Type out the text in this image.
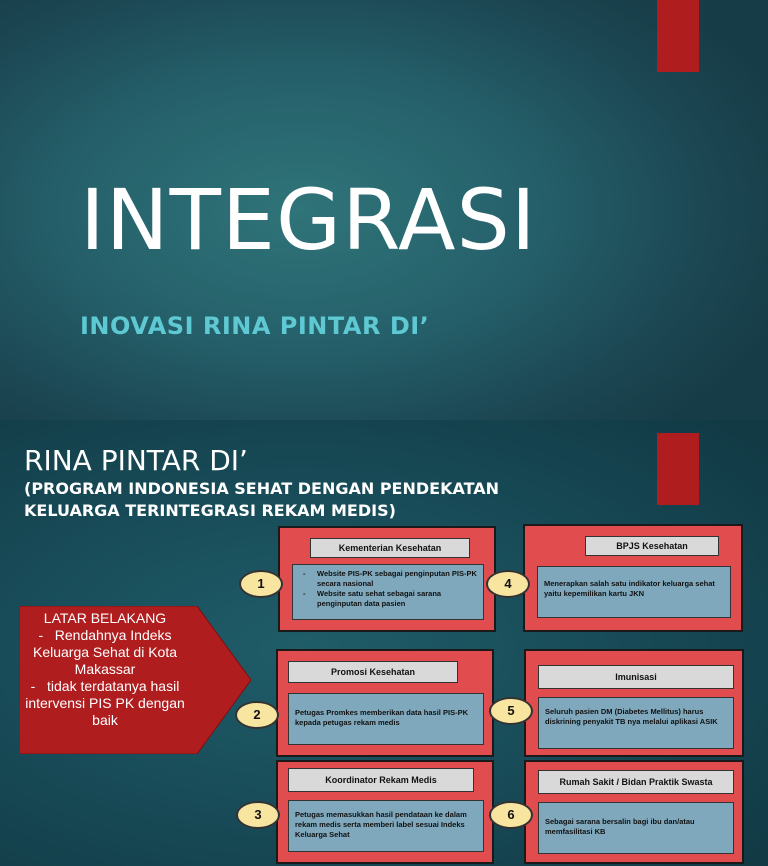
INTEGRASI
INOVASI RINA PINTAR DI’
RINA PINTAR DI’
(PROGRAM INDONESIA SEHAT DENGAN PENDEKATAN KELUARGA TERINTEGRASI REKAM MEDIS)
LATAR BELAKANG
-   Rendahnya Indeks Keluarga Sehat di Kota Makassar
-   tidak terdatanya hasil intervensi PIS PK dengan baik
Kementerian Kesehatan
- Website PIS-PK sebagai penginputan PIS-PK secara nasional
- Website satu sehat sebagai sarana penginputan data pasien
1
BPJS Kesehatan
Menerapkan salah satu indikator keluarga sehat yaitu kepemilikan kartu JKN
4
Promosi Kesehatan
Petugas Promkes memberikan data hasil PIS-PK kepada petugas rekam medis
2
Imunisasi
Seluruh pasien DM (Diabetes Mellitus) harus diskrining penyakit TB nya melalui aplikasi ASIK
5
Koordinator Rekam Medis
Petugas memasukkan hasil pendataan ke dalam rekam medis serta memberi label sesuai Indeks Keluarga Sehat
3
Rumah Sakit / Bidan Praktik Swasta
Sebagai sarana bersalin bagi ibu dan/atau memfasilitasi KB
6
